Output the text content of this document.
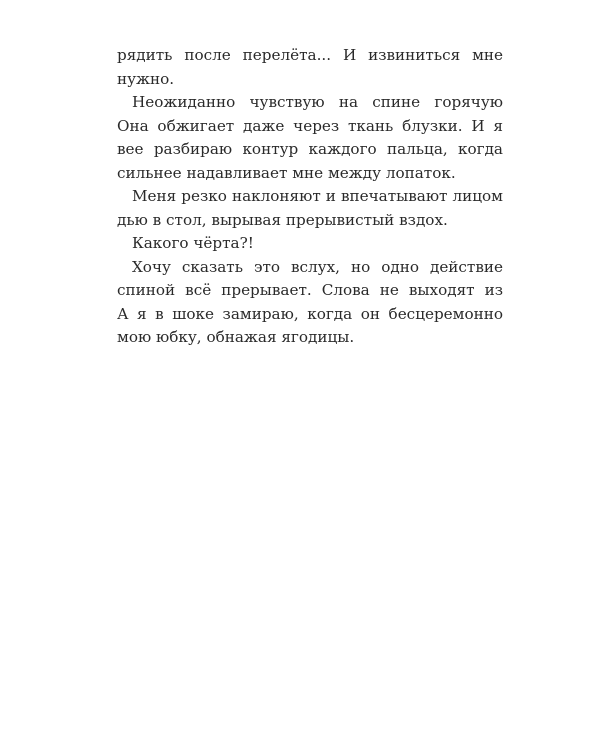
рядить после перелёта... И извиниться мне
нужно.
Неожиданно чувствую на спине горячую
Она обжигает даже через ткань блузки. И я
вее разбираю контур каждого пальца, когда
сильнее надавливает мне между лопаток.
Меня резко наклоняют и впечатывают лицом
дью в стол, вырывая прерывистый вздох.
Какого чёрта?!
Хочу сказать это вслух, но одно действие
спиной всё прерывает. Слова не выходят из
А я в шоке замираю, когда он бесцеремонно
мою юбку, обнажая ягодицы.
